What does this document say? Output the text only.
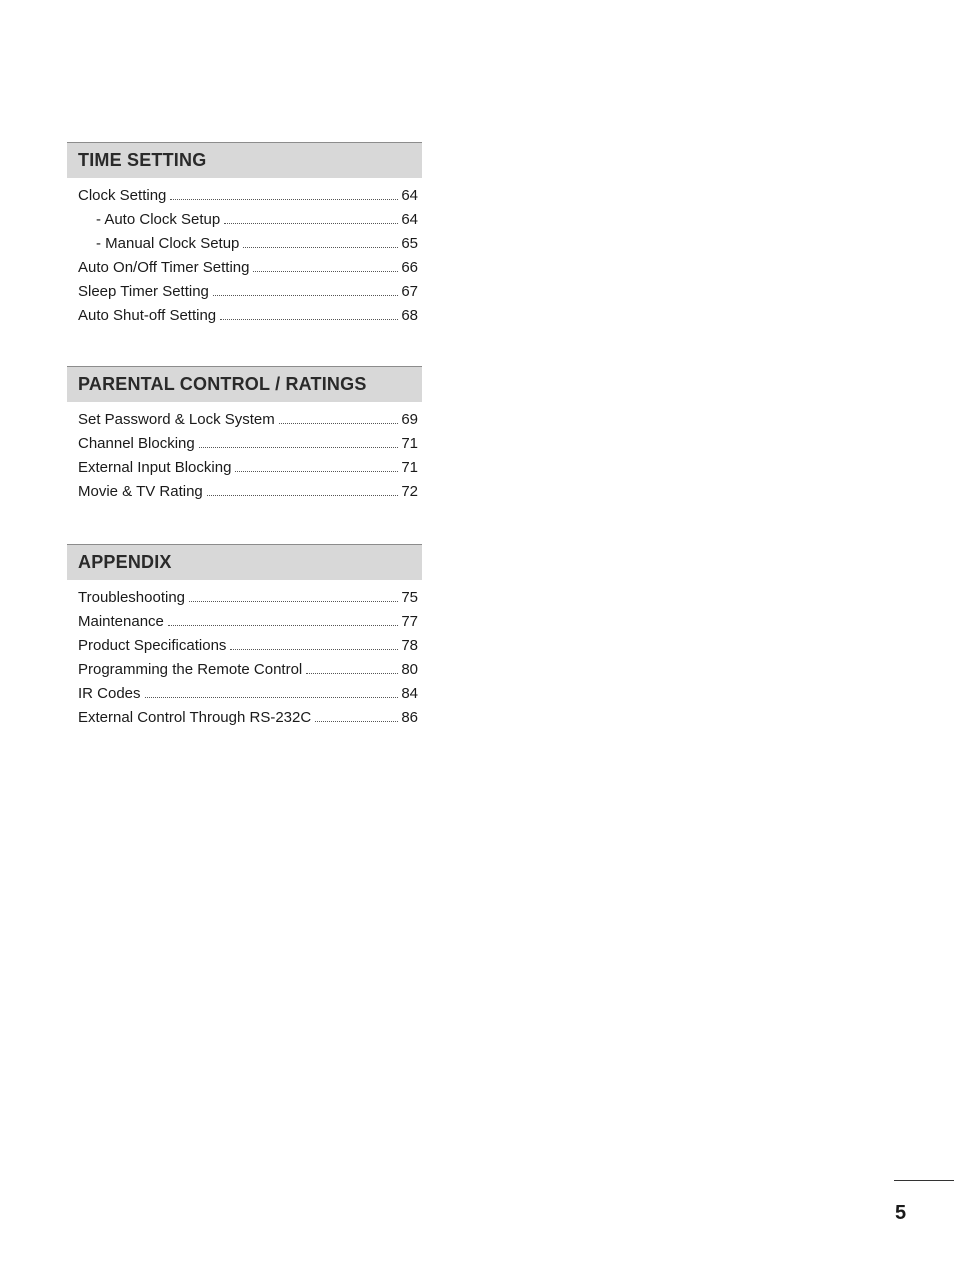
TIME SETTING
Clock Setting	64
- Auto Clock Setup	64
- Manual Clock Setup	65
Auto On/Off Timer Setting	66
Sleep Timer Setting	67
Auto Shut-off Setting	68
PARENTAL CONTROL / RATINGS
Set Password & Lock System	69
Channel Blocking	71
External Input Blocking	71
Movie & TV Rating	72
APPENDIX
Troubleshooting	75
Maintenance	77
Product Specifications	78
Programming the Remote Control	80
IR Codes	84
External Control Through RS-232C	86
5
